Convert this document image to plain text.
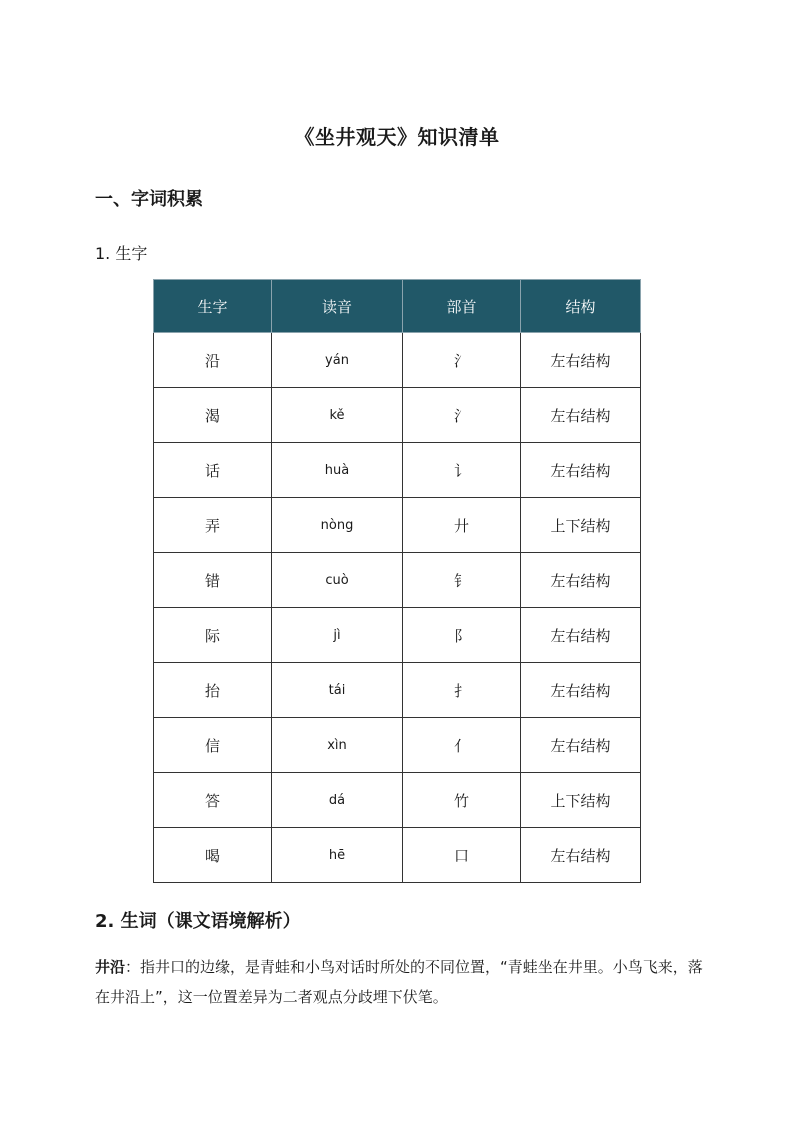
《坐井观天》知识清单
一、字词积累
1. 生字
生字	读音	部首	结构
沿	yán	氵	左右结构
渴	kě	氵	左右结构
话	huà	讠	左右结构
弄	nòng	廾	上下结构
错	cuò	钅	左右结构
际	jì	阝	左右结构
抬	tái	扌	左右结构
信	xìn	亻	左右结构
答	dá	竹	上下结构
喝	hē	口	左右结构
2. 生词（课文语境解析）
井沿：指井口的边缘，是青蛙和小鸟对话时所处的不同位置，“青蛙坐在井里。小鸟飞来，落在井沿上”，这一位置差异为二者观点分歧埋下伏笔。
